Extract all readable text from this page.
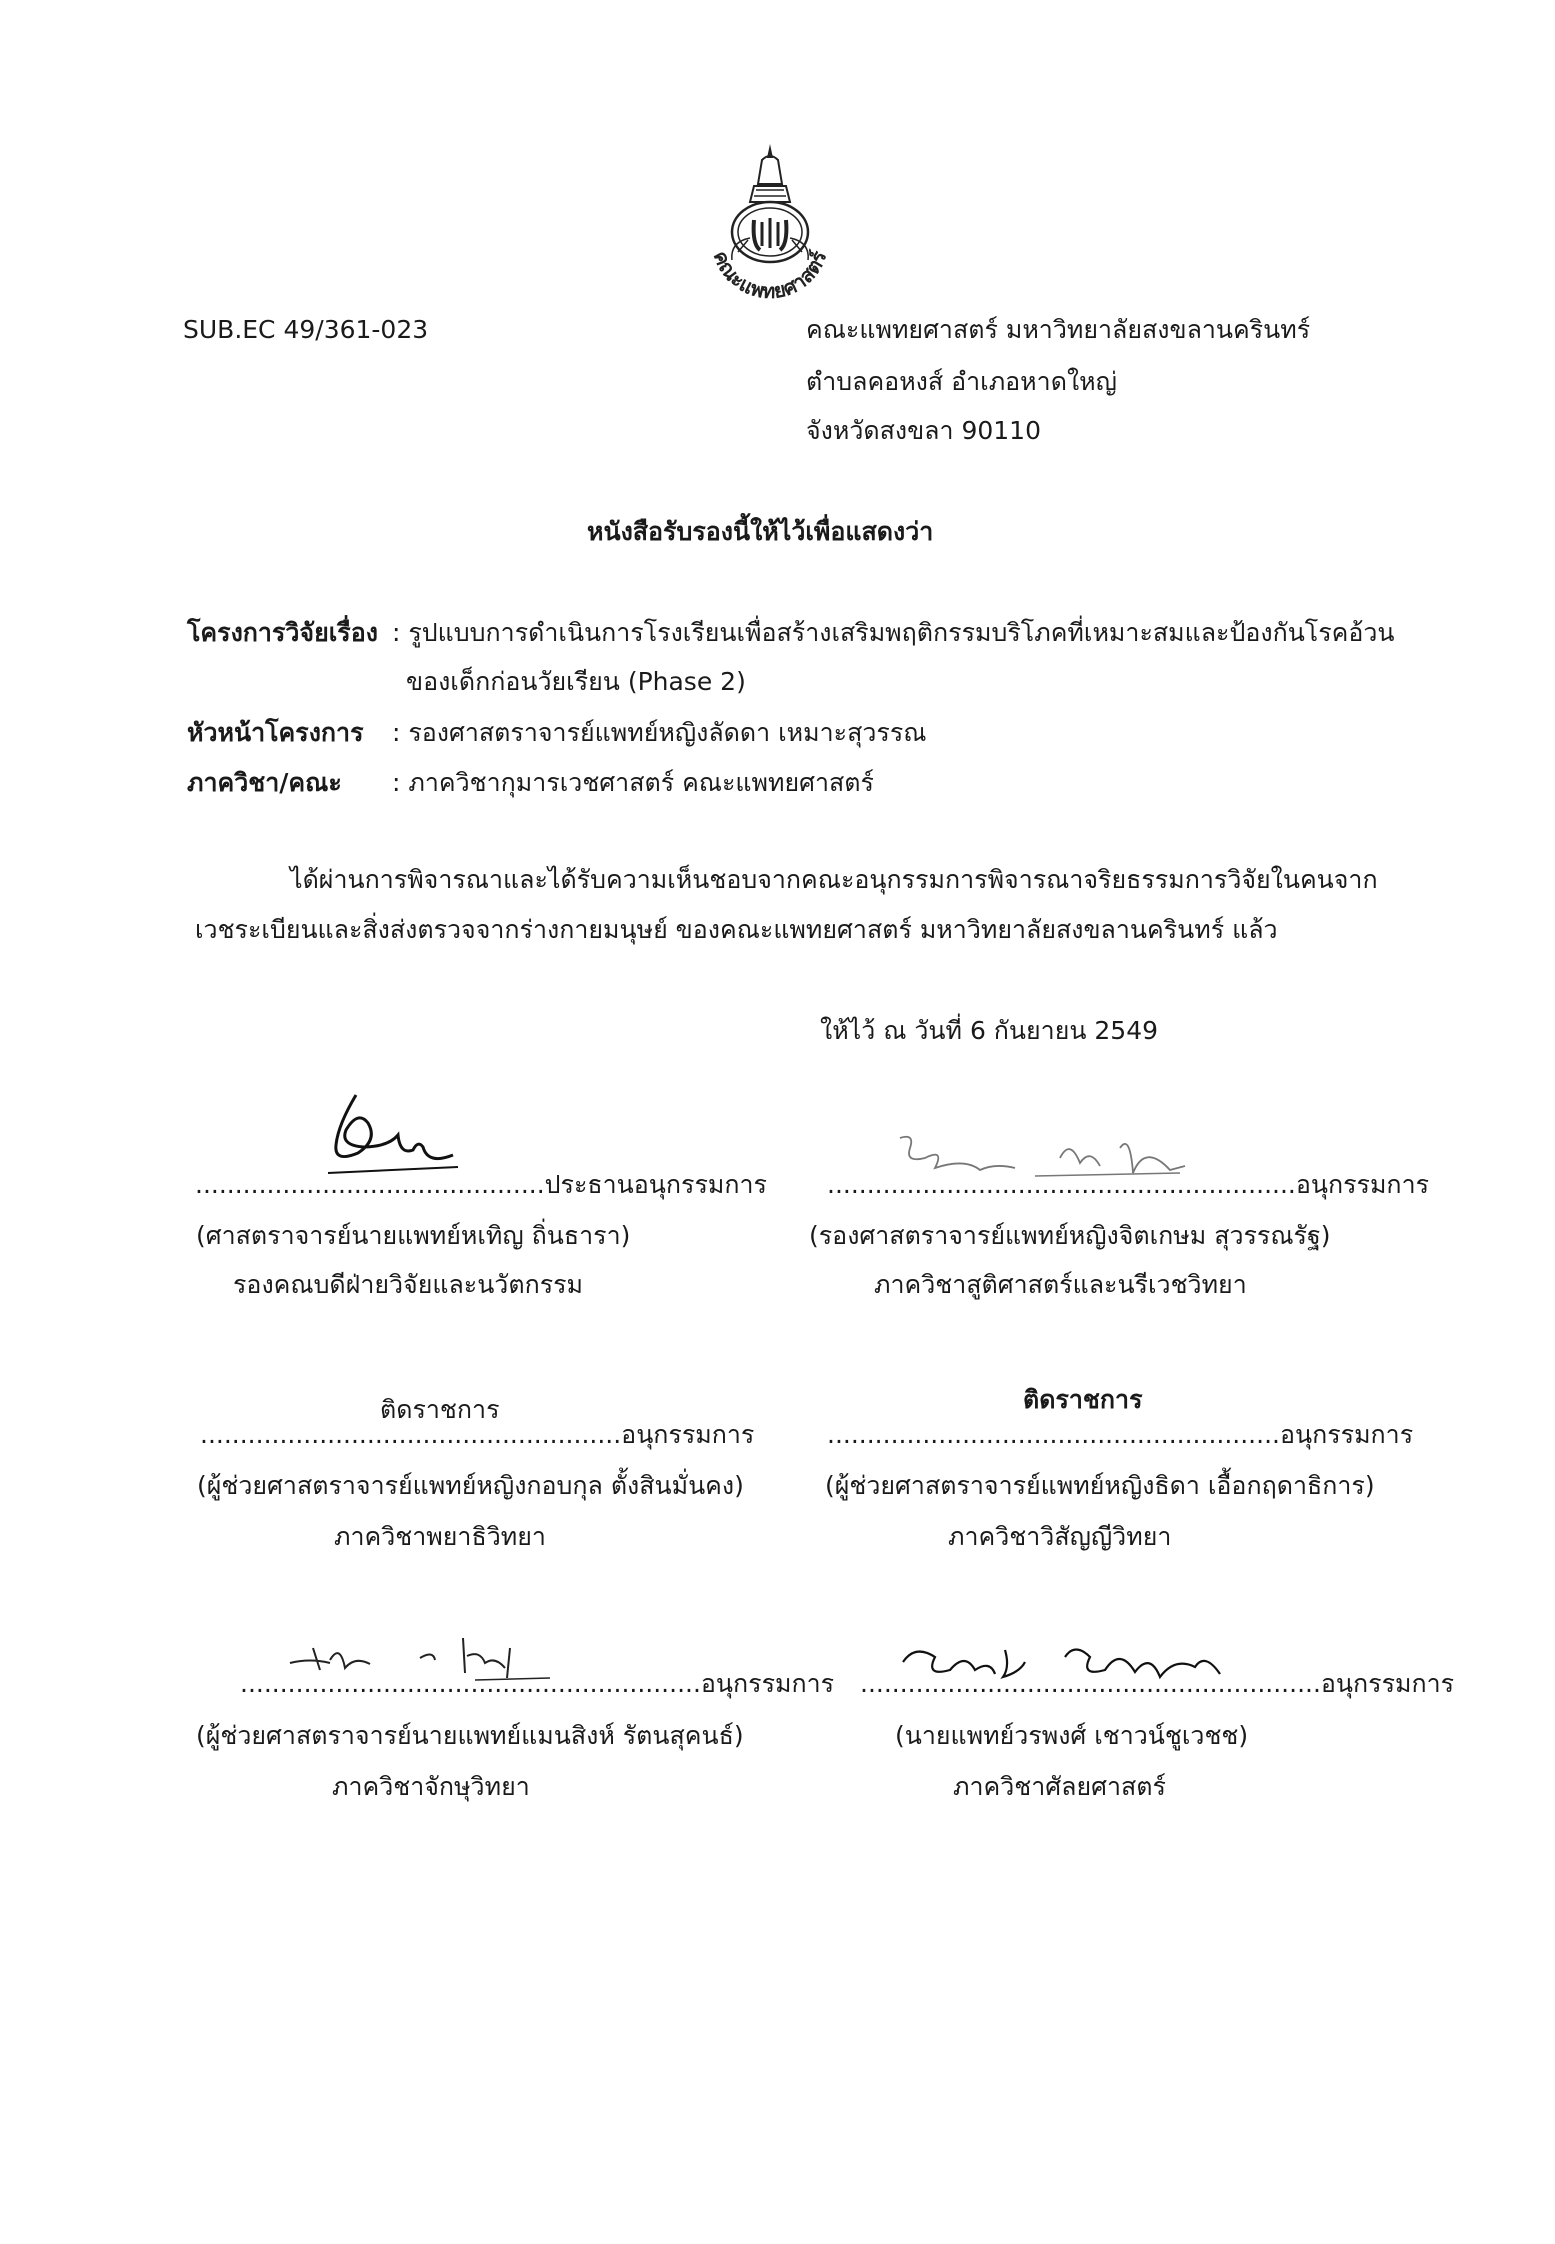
คณะแพทยศาสตร์
SUB.EC 49/361-023	คณะแพทยศาสตร์ มหาวิทยาลัยสงขลานครินทร์
ตำบลคอหงส์ อำเภอหาดใหญ่
จังหวัดสงขลา 90110
หนังสือรับรองนี้ให้ไว้เพื่อแสดงว่า
โครงการวิจัยเรื่อง : รูปแบบการดำเนินการโรงเรียนเพื่อสร้างเสริมพฤติกรรมบริโภคที่เหมาะสมและป้องกันโรคอ้วน
ของเด็กก่อนวัยเรียน (Phase 2)
หัวหน้าโครงการ : รองศาสตราจารย์แพทย์หญิงลัดดา เหมาะสุวรรณ
ภาควิชา/คณะ : ภาควิชากุมารเวชศาสตร์ คณะแพทยศาสตร์
ได้ผ่านการพิจารณาและได้รับความเห็นชอบจากคณะอนุกรรมการพิจารณาจริยธรรมการวิจัยในคนจาก
เวชระเบียนและสิ่งส่งตรวจจากร่างกายมนุษย์ ของคณะแพทยศาสตร์ มหาวิทยาลัยสงขลานครินทร์ แล้ว
ให้ไว้ ณ วันที่ 6 กันยายน 2549
............................................ประธานอนุกรรมการ
(ศาสตราจารย์นายแพทย์หเทิญ ถิ่นธารา)
รองคณบดีฝ่ายวิจัยและนวัตกรรม
...........................................................อนุกรรมการ
(รองศาสตราจารย์แพทย์หญิงจิตเกษม สุวรรณรัฐ)
ภาควิชาสูติศาสตร์และนรีเวชวิทยา
ติดราชการ
.....................................................อนุกรรมการ
(ผู้ช่วยศาสตราจารย์แพทย์หญิงกอบกุล ตั้งสินมั่นคง)
ภาควิชาพยาธิวิทยา
ติดราชการ
.........................................................อนุกรรมการ
(ผู้ช่วยศาสตราจารย์แพทย์หญิงธิดา เอื้อกฤดาธิการ)
ภาควิชาวิสัญญีวิทยา
..........................................................อนุกรรมการ
(ผู้ช่วยศาสตราจารย์นายแพทย์แมนสิงห์ รัตนสุคนธ์)
ภาควิชาจักษุวิทยา
..........................................................อนุกรรมการ
(นายแพทย์วรพงศ์ เชาวน์ชูเวชช)
ภาควิชาศัลยศาสตร์
